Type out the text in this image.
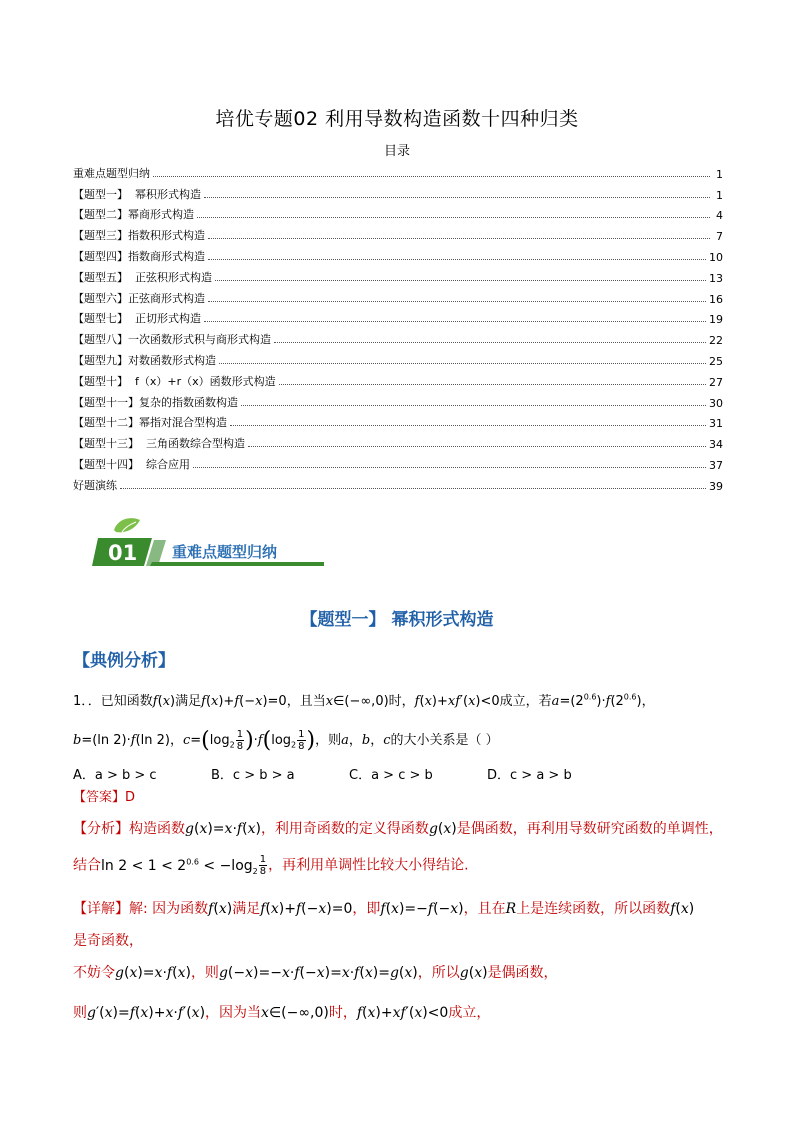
培优专题02 利用导数构造函数十四种归类
目录
重难点题型归纳	1
【题型一】  幂积形式构造	1
【题型二】幂商形式构造	4
【题型三】指数积形式构造	7
【题型四】指数商形式构造	10
【题型五】  正弦积形式构造	13
【题型六】正弦商形式构造	16
【题型七】  正切形式构造	19
【题型八】一次函数形式积与商形式构造	22
【题型九】对数函数形式构造	25
【题型十】  f（x）+r（x）函数形式构造	27
【题型十一】复杂的指数函数构造	30
【题型十二】幂指对混合型构造	31
【题型十三】  三角函数综合型构造	34
【题型十四】  综合应用	37
好题演练	39
01 重难点题型归纳
【题型一】 幂积形式构造
【典例分析】
1．．已知函数f(x)满足f(x)+f(−x)=0，且当x∈(−∞,0)时，f(x)+xf′(x)<0成立，若$a=(2^{0.6})\cdot f(2^{0.6})$，
b=(ln 2)·f(ln 2)，$c=(\log_2 \frac{1}{8} )\cdot f(\log_2 \frac{1}{8}$ )，则a，b，c的大小关系是（ ）
A．a > b > c	B．c > b > a	C．a > c > b	D．c > a > b
【答案】D
【分析】构造函数g(x)=x·f(x)，利用奇函数的定义得函数g(x)是偶函数，再利用导数研究函数的单调性，
结合$\ln 2 < 1 < 2^{0.6} < -\log_2 \frac{1}{8}$ ，再利用单调性比较大小得结论.
【详解】解: 因为函数f(x)满足f(x)+f(−x)=0，即f(x)=−f(−x)，且在R上是连续函数，所以函数f(x)
是奇函数，
不妨令g(x)=x·f(x)，则g(−x)=−x·f(−x)=x·f(x)=g(x)，所以g(x)是偶函数，
则g′(x)=f(x)+x·f′(x)，因为当x∈(−∞,0)时，f(x)+xf′(x)<0成立，
